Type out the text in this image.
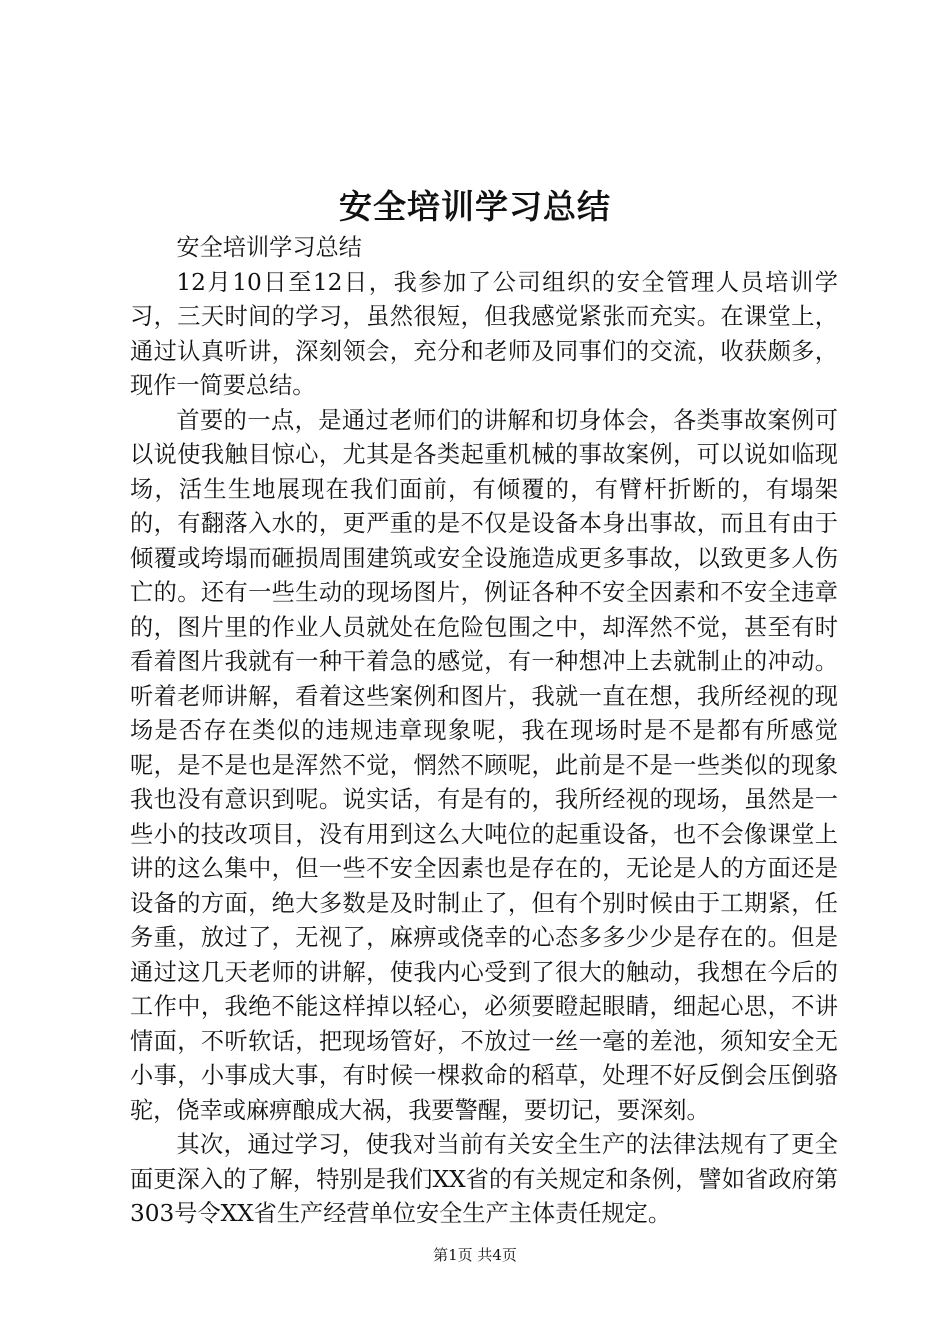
安全培训学习总结

安全培训学习总结

12月10日至12日，我参加了公司组织的安全管理人员培训学习，三天时间的学习，虽然很短，但我感觉紧张而充实。在课堂上，通过认真听讲，深刻领会，充分和老师及同事们的交流，收获颇多，现作一简要总结。

首要的一点，是通过老师们的讲解和切身体会，各类事故案例可以说使我触目惊心，尤其是各类起重机械的事故案例，可以说如临现场，活生生地展现在我们面前，有倾覆的，有臂杆折断的，有塌架的，有翻落入水的，更严重的是不仅是设备本身出事故，而且有由于倾覆或垮塌而砸损周围建筑或安全设施造成更多事故，以致更多人伤亡的。还有一些生动的现场图片，例证各种不安全因素和不安全违章的，图片里的作业人员就处在危险包围之中，却浑然不觉，甚至有时看着图片我就有一种干着急的感觉，有一种想冲上去就制止的冲动。听着老师讲解，看着这些案例和图片，我就一直在想，我所经视的现场是否存在类似的违规违章现象呢，我在现场时是不是都有所感觉呢，是不是也是浑然不觉，惘然不顾呢，此前是不是一些类似的现象我也没有意识到呢。说实话，有是有的，我所经视的现场，虽然是一些小的技改项目，没有用到这么大吨位的起重设备，也不会像课堂上讲的这么集中，但一些不安全因素也是存在的，无论是人的方面还是设备的方面，绝大多数是及时制止了，但有个别时候由于工期紧，任务重，放过了，无视了，麻痹或侥幸的心态多多少少是存在的。但是通过这几天老师的讲解，使我内心受到了很大的触动，我想在今后的工作中，我绝不能这样掉以轻心，必须要瞪起眼睛，细起心思，不讲情面，不听软话，把现场管好，不放过一丝一毫的差池，须知安全无小事，小事成大事，有时候一棵救命的稻草，处理不好反倒会压倒骆驼，侥幸或麻痹酿成大祸，我要警醒，要切记，要深刻。

其次，通过学习，使我对当前有关安全生产的法律法规有了更全面更深入的了解，特别是我们XX省的有关规定和条例，譬如省政府第303号令XX省生产经营单位安全生产主体责任规定。

第1页 共4页
